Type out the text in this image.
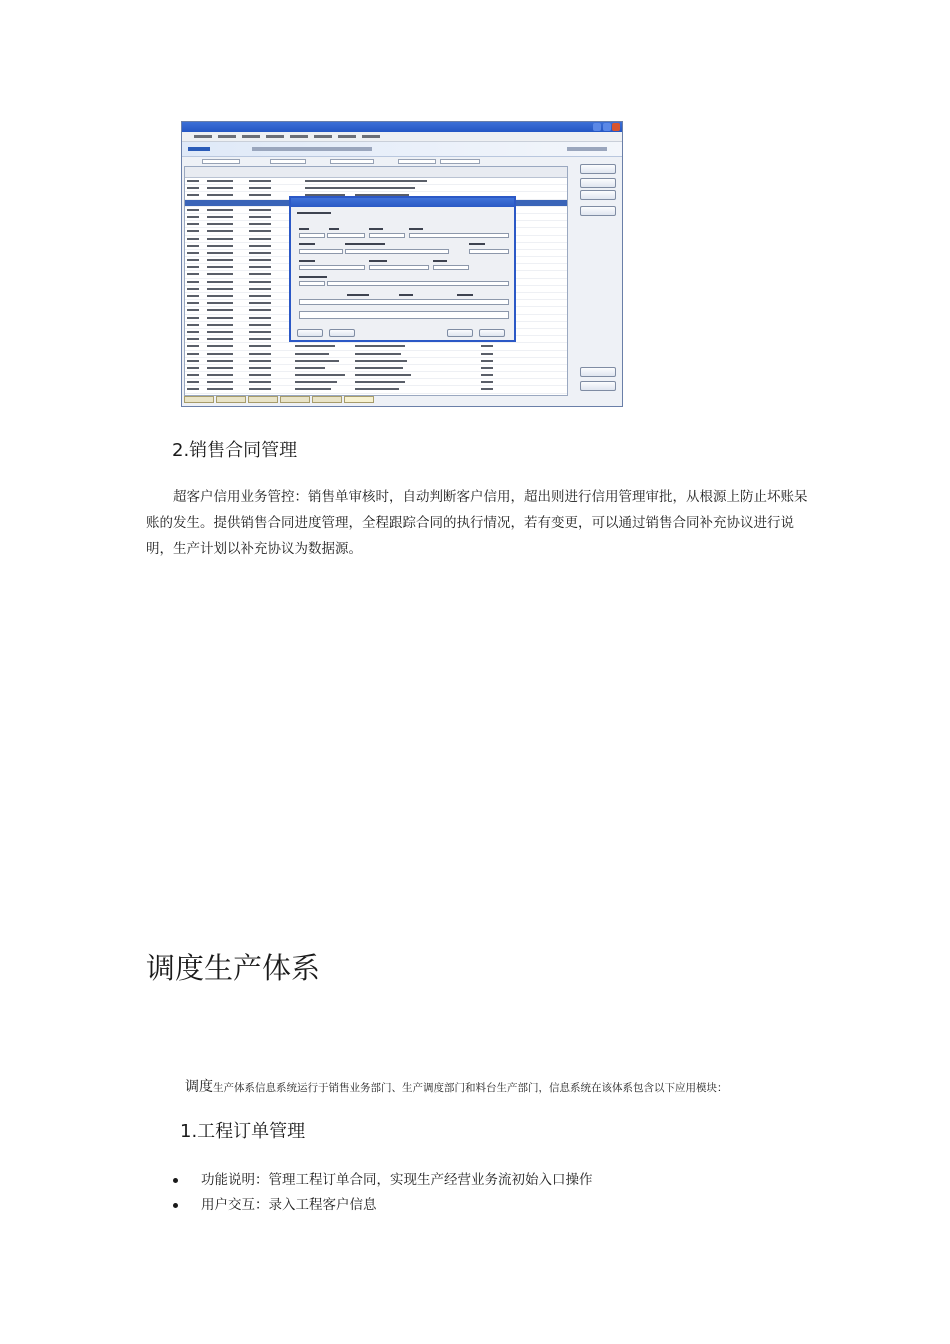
2.销售合同管理

超客户信用业务管控：销售单审核时，自动判断客户信用，超出则进行信用管理审批，从根源上防止坏账呆账的发生。提供销售合同进度管理，全程跟踪合同的执行情况，若有变更，可以通过销售合同补充协议进行说明，生产计划以补充协议为数据源。

调度生产体系

调度生产体系信息系统运行于销售业务部门、生产调度部门和料台生产部门，信息系统在该体系包含以下应用模块：

1.工程订单管理
功能说明：管理工程订单合同，实现生产经营业务流初始入口操作
用户交互：录入工程客户信息
